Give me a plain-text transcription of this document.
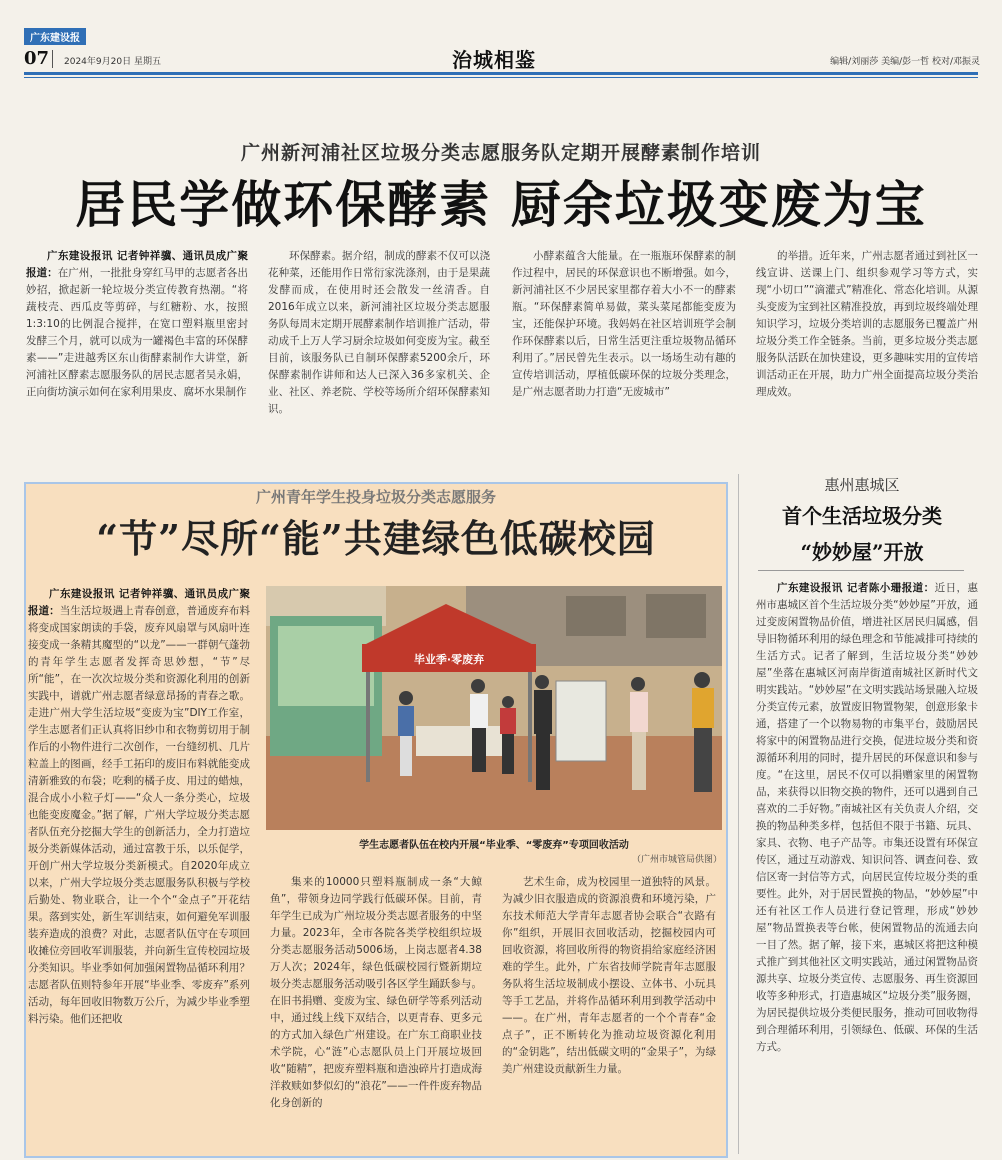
广东建设报
07 2024年9月20日 星期五	治城相鉴	编辑/刘丽莎 美编/彭一哲 校对/邓振灵
广州新河浦社区垃圾分类志愿服务队定期开展酵素制作培训
居民学做环保酵素 厨余垃圾变废为宝

广东建设报讯 记者钟祥骥、通讯员成广聚报道：在广州，一批批身穿红马甲的志愿者各出妙招，掀起新一轮垃圾分类宣传教育热潮。“将蔬枝壳、西瓜皮等剪碎，与红糖粉、水，按照1:3:10的比例混合搅拌，在宽口塑料瓶里密封发酵三个月，就可以成为一罐褐色丰富的环保酵素——”走进越秀区东山街酵素制作大讲堂，新河浦社区酵素志愿服务队的居民志愿者吴永娟，正向街坊演示如何在家利用果皮、腐坏水果制作

环保酵素。据介绍，制成的酵素不仅可以浇花种菜，还能用作日常衍家洗涤剂，由于是果蔬发酵而成，在使用时还会散发一丝清香。自2016年成立以来，新河浦社区垃圾分类志愿服务队每周末定期开展酵素制作培训推广活动，带动成千上万人学习厨余垃圾如何变废为宝。截至目前，该服务队已自制环保酵素5200余斤，环保酵素制作讲师和达人已深入36多家机关、企业、社区、养老院、学校等场所介绍环保酵素知识。

小酵素蕴含大能量。在一瓶瓶环保酵素的制作过程中，居民的环保意识也不断增强。如今，新河浦社区不少居民家里都存着大小不一的酵素瓶。“环保酵素简单易做，菜头菜尾都能变废为宝，还能保护环境。我妈妈在社区培训班学会制作环保酵素以后，日常生活更注重垃圾物品循环利用了。”居民曾先生表示。以一场场生动有趣的宣传培训活动，厚植低碳环保的垃圾分类理念，是广州志愿者助力打造“无废城市”

的举措。近年来，广州志愿者通过到社区一线宣讲、送课上门、组织参观学习等方式，实现“小切口”“滴灌式”精准化、常态化培训。从源头变废为宝到社区精准投放，再到垃圾终端处理知识学习，垃圾分类培训的志愿服务已覆盖广州垃圾分类工作全链条。当前，更多垃圾分类志愿服务队活跃在加快建设，更多趣味实用的宣传培训活动正在开展，助力广州全面提高垃圾分类治理成效。

广州青年学生投身垃圾分类志愿服务
“节”尽所“能”共建绿色低碳校园
毕业季·零废弃
学生志愿者队伍在校内开展“毕业季、“零废弃”专项回收活动
（广州市城管局供图）

广东建设报讯 记者钟祥骥、通讯员成广聚报道：当生活垃圾遇上青春创意，普通废弃布料将变成国家朗读的手袋，废弃风扇罩与风扇叶连接变成一条精其魔型的“以龙”——一群朝气蓬勃的青年学生志愿者发挥奇思妙想，“节”尽所“能”，在一次次垃圾分类和资源化利用的创新实践中，谱就广州志愿者绿意昂扬的青春之歌。走进广州大学生活垃圾“变废为宝”DIY工作室，学生志愿者们正认真将旧纱巾和衣物剪切用于制作后的小物件进行二次创作，一台缝纫机、几片粒盖上的图画，经手工拓印的废旧布料就能变成清新雅致的布袋；吃剩的橘子皮、用过的蜡烛，混合成小小粒子灯——“众人一条分类心，垃圾也能变废魔金。”据了解，广州大学垃圾分类志愿者队伍充分挖掘大学生的创新活力，全力打造垃圾分类新媒体活动，通过富教于乐，以乐促学，开创广州大学垃圾分类新模式。自2020年成立以来，广州大学垃圾分类志愿服务队积极与学校后勤处、物业联合，让一个个“金点子”开花结果。落到实处，新生军训结束，如何避免军训服装弃造成的浪费？对此，志愿者队伍守在专项回收摊位旁回收军训服装，并向新生宣传校园垃圾分类知识。毕业季如何加强闲置物品循环利用？志愿者队伍则特参年开展“毕业季、零废弃”系列活动，每年回收旧物数万公斤，为减少毕业季塑料污染。他们还把收

集来的10000只塑料瓶制成一条“大鲸鱼”，带领身边同学践行低碳环保。目前，青年学生已成为广州垃圾分类志愿者服务的中坚力量。2023年，全市各院各类学校组织垃圾分类志愿服务活动5006场，上岗志愿者4.38万人次；2024年，绿色低碳校园行暨新期垃圾分类志愿服务活动吸引各区学生踊跃参与。在旧书捐赠、变废为宝、绿色研学等系列活动中，通过线上线下双结合，以更青春、更多元的方式加入绿色广州建设。在广东工商职业技术学院，心“涟”心志愿队员上门开展垃圾回收“随精”，把废弃塑料瓶和造浊碎片打造成海洋救赎如梦似幻的“浪花”——一件件废弃物品化身创新的

艺术生命，成为校园里一道独特的风景。为减少旧衣服造成的资源浪费和环境污染，广东技术师范大学青年志愿者协会联合“衣路有你”组织，开展旧衣回收活动，挖掘校园内可回收资源，将回收所得的物资捐给家庭经济困难的学生。此外，广东省技师学院青年志愿服务队将生活垃圾制成小摆设、立体书、小玩具等手工艺品，并将作品循环利用到教学活动中——。在广州，青年志愿者的一个个青春“金点子”，正不断转化为推动垃圾资源化利用的“金钥匙”，结出低碳文明的“金果子”，为绿美广州建设贡献新生力量。

惠州惠城区
首个生活垃圾分类
“妙妙屋”开放

广东建设报讯 记者陈小珊报道：近日，惠州市惠城区首个生活垃圾分类“妙妙屋”开放，通过变废闲置物品价值，增进社区居民归属感，倡导旧物循环利用的绿色理念和节能减排可持续的生活方式。记者了解到，生活垃圾分类“妙妙屋”坐落在惠城区河南岸街道南城社区新时代文明实践站。“妙妙屋”在文明实践站场景融入垃圾分类宣传元素，放置废旧物置物架，创意形象卡通，搭建了一个以物易物的市集平台，鼓励居民将家中的闲置物品进行交换，促进垃圾分类和资源循环利用的同时，提升居民的环保意识和参与度。“在这里，居民不仅可以捐赠家里的闲置物品，来获得以旧物交换的物件，还可以遇到自己喜欢的二手好物。”南城社区有关负责人介绍，交换的物品种类多样，包括但不限于书籍、玩具、家具、衣物、电子产品等。市集还设置有环保宣传区，通过互动游戏、知识问答、调查问卷、致信区寄一封信等方式，向居民宣传垃圾分类的重要性。此外，对于居民置换的物品，“妙妙屋”中还有社区工作人员进行登记管理，形成“妙妙屋”物品置换表等台帐，使闲置物品的流通去向一目了然。据了解，接下来，惠城区将把这种模式推广到其他社区文明实践站，通过闲置物品资源共享、垃圾分类宣传、志愿服务、再生资源回收等多种形式，打造惠城区“垃圾分类”服务圈，为居民提供垃圾分类便民服务，推动可回收物得到合理循环利用，引领绿色、低碳、环保的生活方式。
